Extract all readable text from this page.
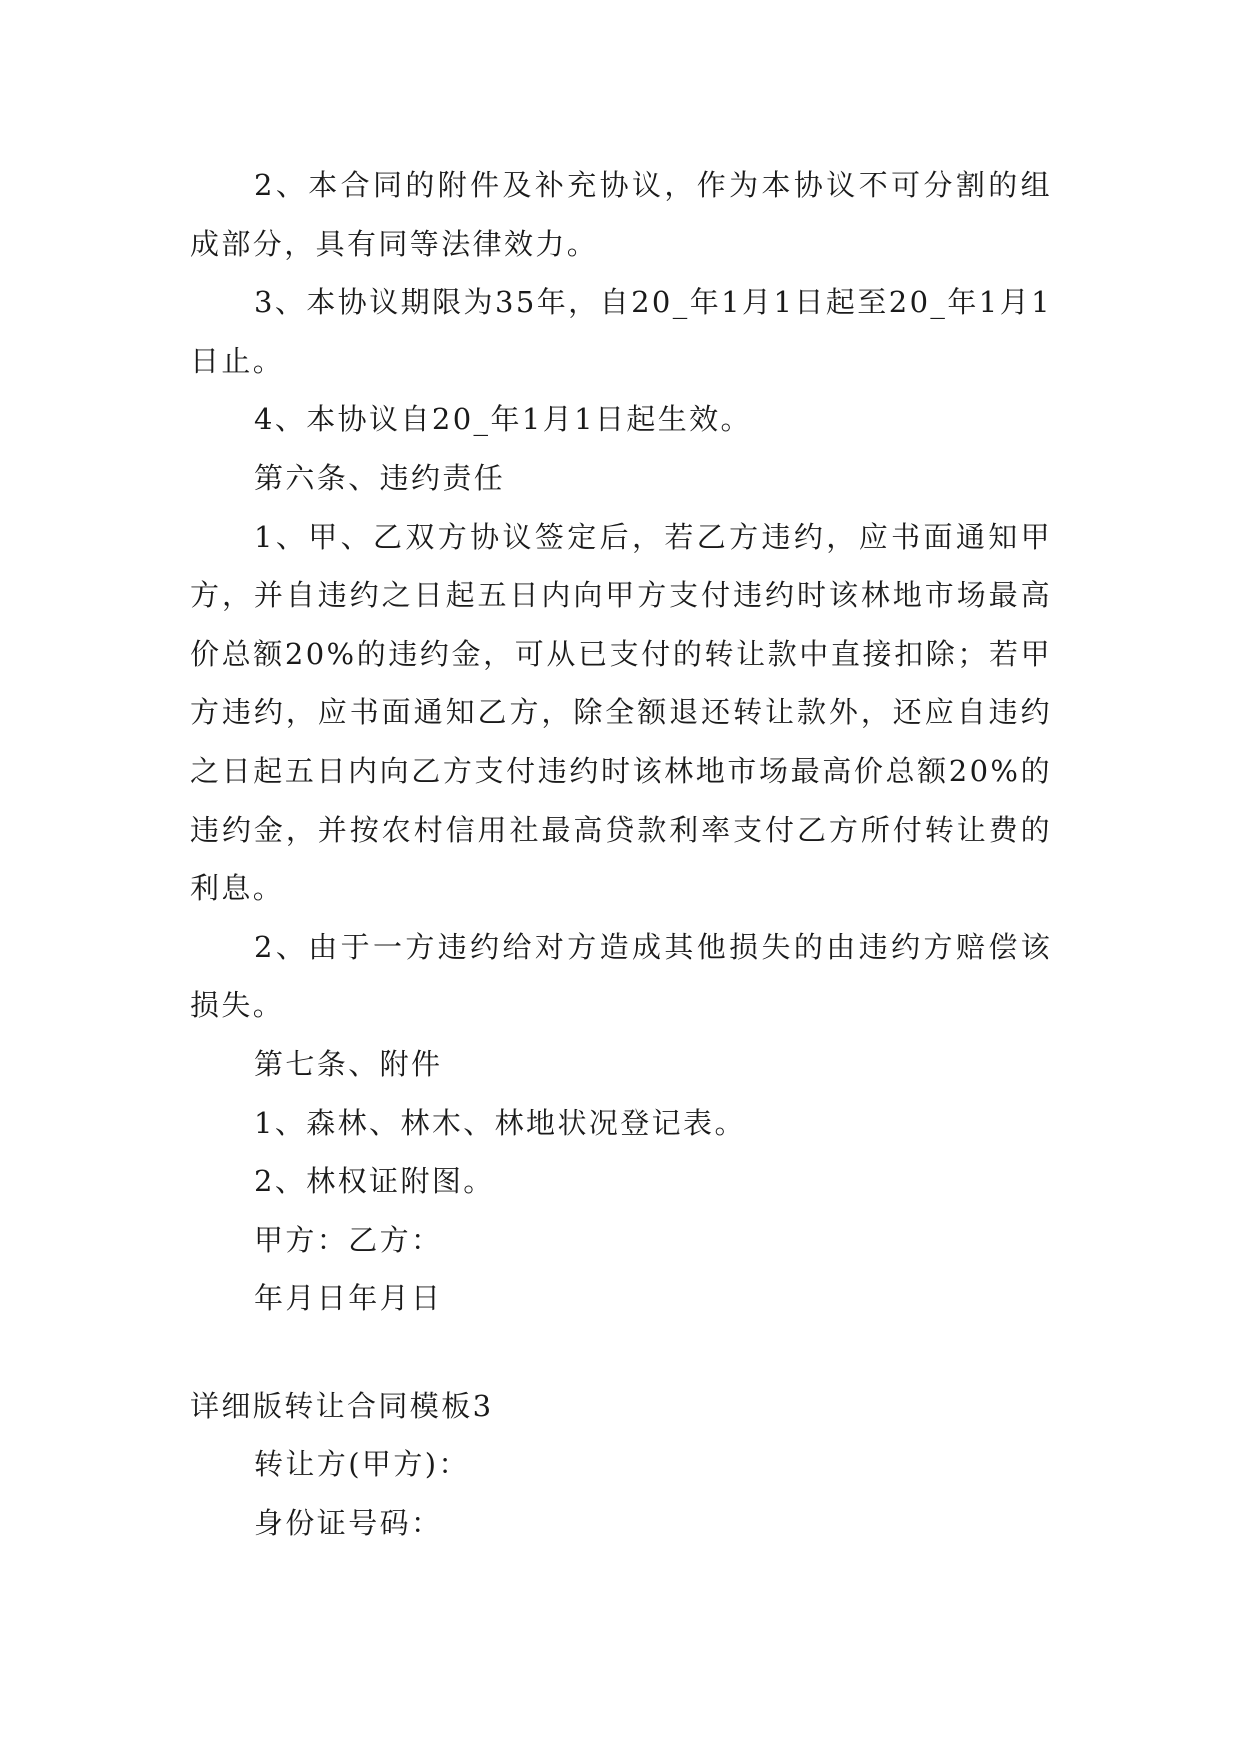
2、本合同的附件及补充协议，作为本协议不可分割的组成部分，具有同等法律效力。

3、本协议期限为35年，自20_年1月1日起至20_年1月1日止。

4、本协议自20_年1月1日起生效。

第六条、违约责任

1、甲、乙双方协议签定后，若乙方违约，应书面通知甲方，并自违约之日起五日内向甲方支付违约时该林地市场最高价总额20%的违约金，可从已支付的转让款中直接扣除；若甲方违约，应书面通知乙方，除全额退还转让款外，还应自违约之日起五日内向乙方支付违约时该林地市场最高价总额20%的违约金，并按农村信用社最高贷款利率支付乙方所付转让费的利息。

2、由于一方违约给对方造成其他损失的由违约方赔偿该损失。

第七条、附件

1、森林、林木、林地状况登记表。

2、林权证附图。

甲方：乙方：

年月日年月日

详细版转让合同模板3

转让方(甲方)：

身份证号码：
